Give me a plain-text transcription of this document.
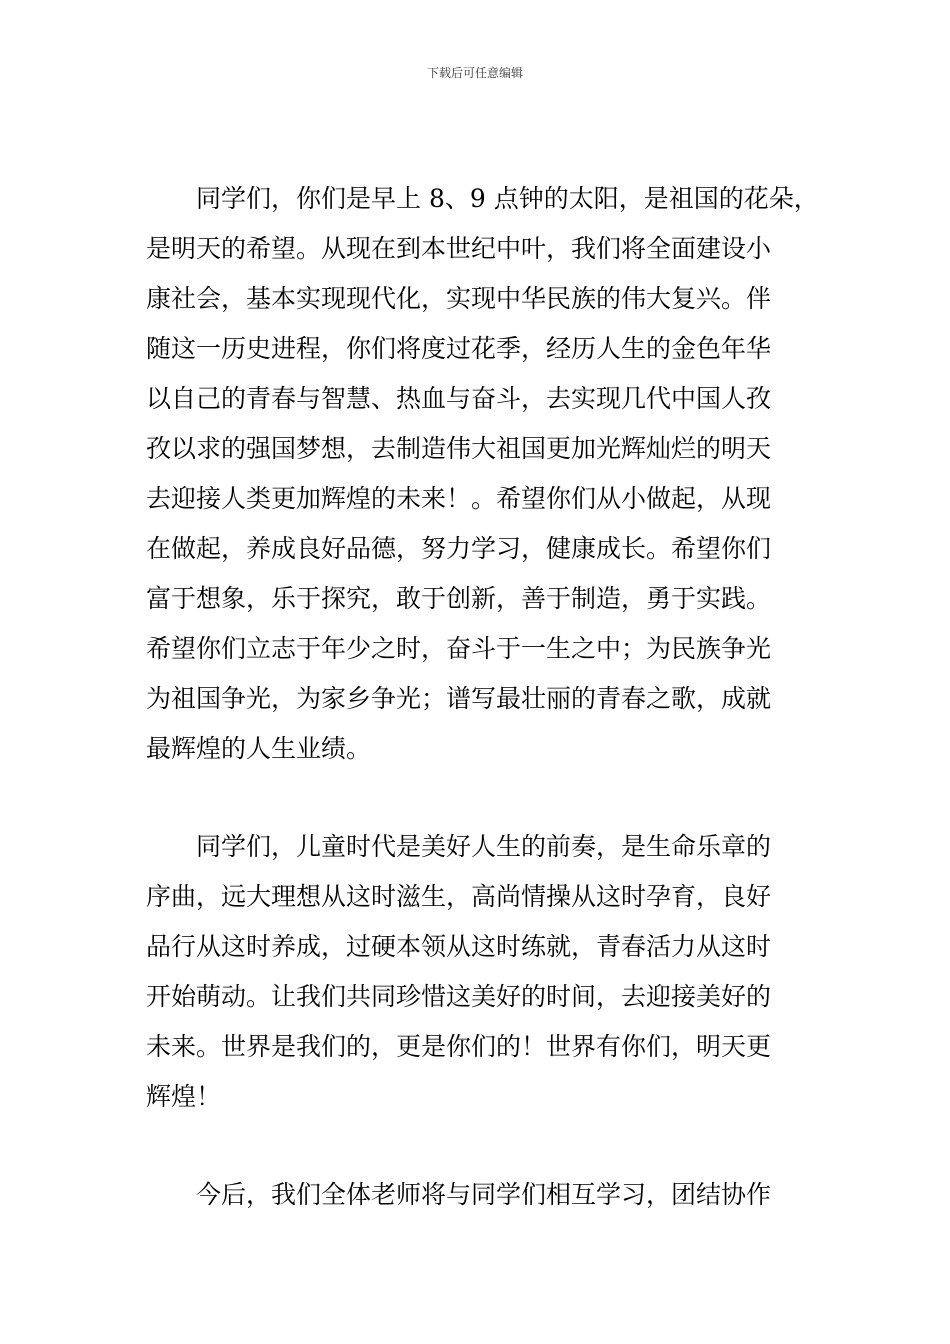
下载后可任意编辑
同学们，你们是早上 8、9 点钟的太阳，是祖国的花朵，
是明天的希望。从现在到本世纪中叶，我们将全面建设小
康社会，基本实现现代化，实现中华民族的伟大复兴。伴
随这一历史进程，你们将度过花季，经历人生的金色年华
以自己的青春与智慧、热血与奋斗，去实现几代中国人孜
孜以求的强国梦想，去制造伟大祖国更加光辉灿烂的明天
去迎接人类更加辉煌的未来！。希望你们从小做起，从现
在做起，养成良好品德，努力学习，健康成长。希望你们
富于想象，乐于探究，敢于创新，善于制造，勇于实践。
希望你们立志于年少之时，奋斗于一生之中；为民族争光
为祖国争光，为家乡争光；谱写最壮丽的青春之歌，成就
最辉煌的人生业绩。
同学们，儿童时代是美好人生的前奏，是生命乐章的
序曲，远大理想从这时滋生，高尚情操从这时孕育，良好
品行从这时养成，过硬本领从这时练就，青春活力从这时
开始萌动。让我们共同珍惜这美好的时间，去迎接美好的
未来。世界是我们的，更是你们的！世界有你们，明天更
辉煌！
今后，我们全体老师将与同学们相互学习，团结协作
